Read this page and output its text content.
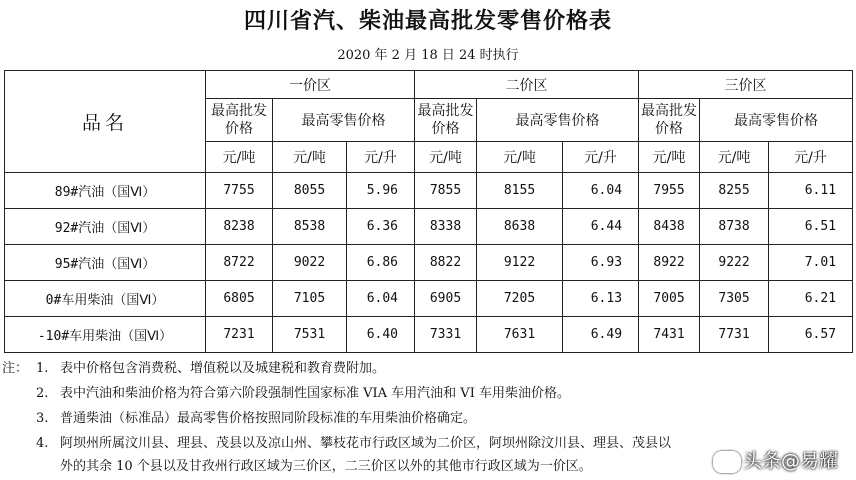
四川省汽、柴油最高批发零售价格表
2020 年 2 月 18 日 24 时执行
品名	一价区			二价区			三价区		
	最高批发价格	最高零售价格		最高批发价格	最高零售价格		最高批发价格	最高零售价格	
	元/吨	元/吨	元/升	元/吨	元/吨	元/升	元/吨	元/吨	元/升
89#汽油（国Ⅵ）	7755	8055	5.96	7855	8155	6.04	7955	8255	6.11
92#汽油（国Ⅵ）	8238	8538	6.36	8338	8638	6.44	8438	8738	6.51
95#汽油（国Ⅵ）	8722	9022	6.86	8822	9122	6.93	8922	9222	7.01
0#车用柴油（国Ⅵ）	6805	7105	6.04	6905	7205	6.13	7005	7305	6.21
-10#车用柴油（国Ⅵ）	7231	7531	6.40	7331	7631	6.49	7431	7731	6.57
注： 1. 表中价格包含消费税、增值税以及城建税和教育费附加。
2. 表中汽油和柴油价格为符合第六阶段强制性国家标准 VIA 车用汽油和 VI 车用柴油价格。
3. 普通柴油（标准品）最高零售价格按照同阶段标准的车用柴油价格确定。
4. 阿坝州所属汶川县、理县、茂县以及凉山州、攀枝花市行政区域为二价区，阿坝州除汶川县、理县、茂县以
外的其余 10 个县以及甘孜州行政区域为三价区，二三价区以外的其他市行政区域为一价区。	头条@易耀
